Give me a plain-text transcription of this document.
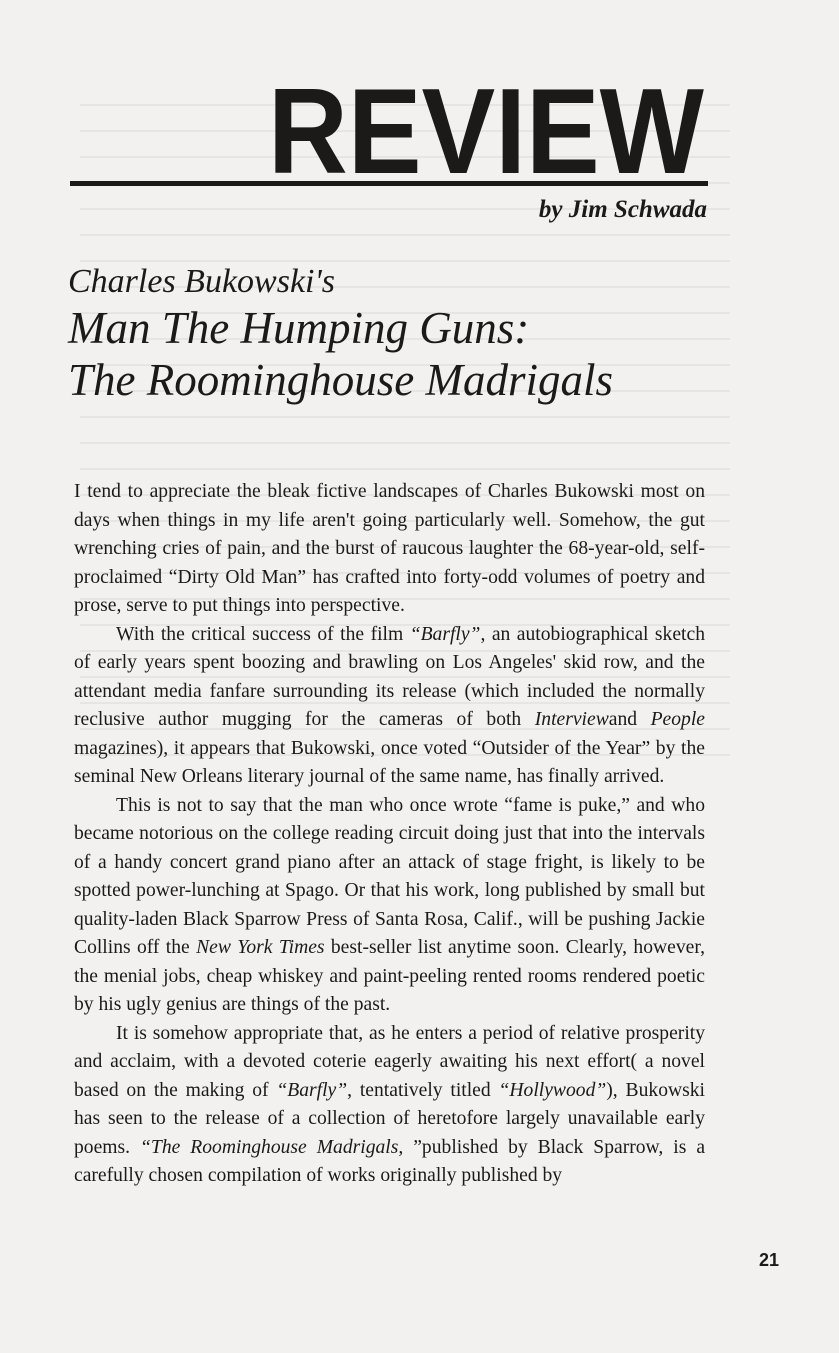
REVIEW
by Jim Schwada
Charles Bukowski's
Man The Humping Guns:
The Roominghouse Madrigals

I tend to appreciate the bleak fictive landscapes of Charles Bukowski most on days when things in my life aren't going particularly well. Somehow, the gut wrenching cries of pain, and the burst of raucous laughter the 68-year-old, self-proclaimed “Dirty Old Man” has crafted into forty-odd volumes of poetry and prose, serve to put things into perspective.

With the critical success of the film “Barfly”, an autobiographical sketch of early years spent boozing and brawling on Los Angeles' skid row, and the attendant media fanfare surrounding its release (which included the normally reclusive author mugging for the cameras of both Interviewand People magazines), it appears that Bukowski, once voted “Outsider of the Year” by the seminal New Orleans literary journal of the same name, has finally arrived.

This is not to say that the man who once wrote “fame is puke,” and who became notorious on the college reading circuit doing just that into the intervals of a handy concert grand piano after an attack of stage fright, is likely to be spotted power-lunching at Spago. Or that his work, long published by small but quality-laden Black Sparrow Press of Santa Rosa, Calif., will be pushing Jackie Collins off the New York Times best-seller list anytime soon. Clearly, however, the menial jobs, cheap whiskey and paint-peeling rented rooms rendered poetic by his ugly genius are things of the past.

It is somehow appropriate that, as he enters a period of relative prosperity and acclaim, with a devoted coterie eagerly awaiting his next effort( a novel based on the making of “Barfly”, tentatively titled “Hollywood”), Bukowski has seen to the release of a collection of heretofore largely unavailable early poems. “The Roominghouse Madrigals, ”published by Black Sparrow, is a carefully chosen compilation of works originally published by

21
